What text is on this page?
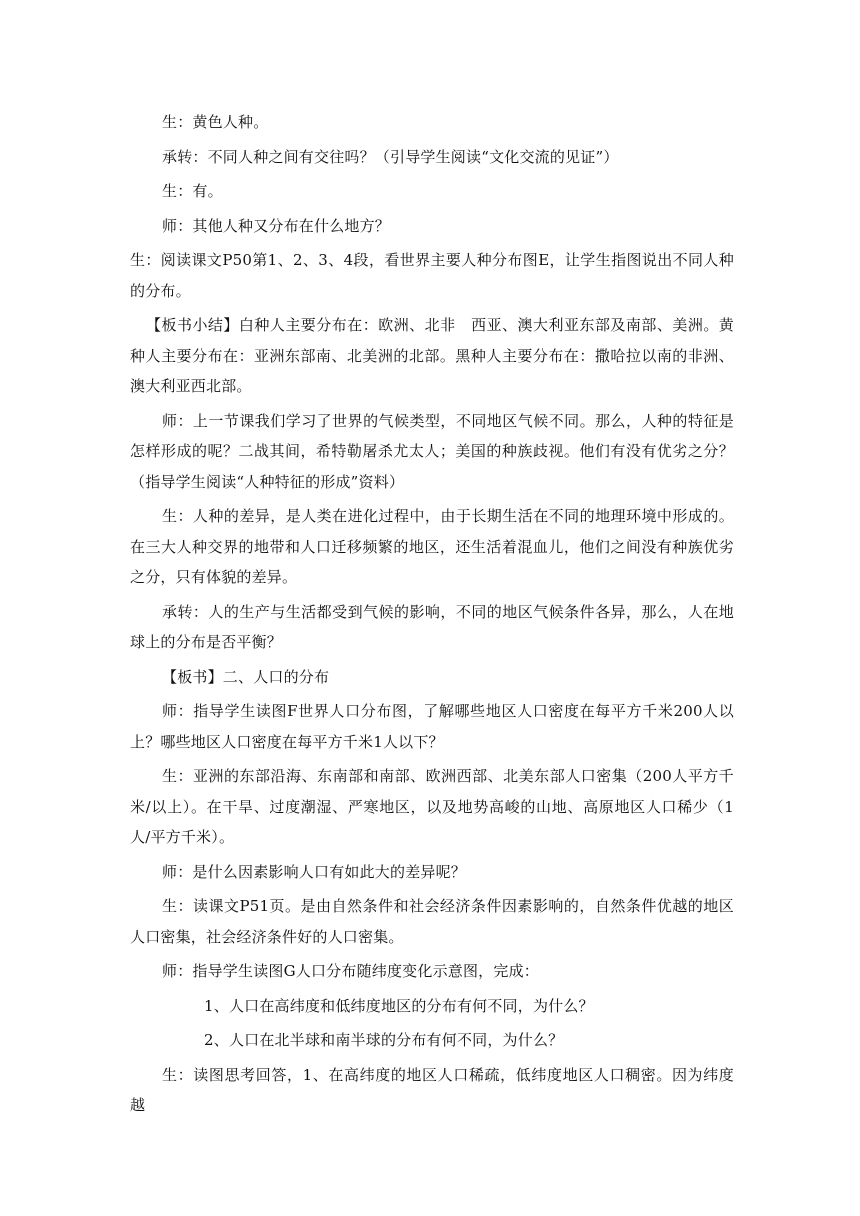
生：黄色人种。

承转：不同人种之间有交往吗？（引导学生阅读“文化交流的见证”）

生：有。

师：其他人种又分布在什么地方？

生：阅读课文P50第1、2、3、4段，看世界主要人种分布图E，让学生指图说出不同人种的分布。

【板书小结】白种人主要分布在：欧洲、北非　西亚、澳大利亚东部及南部、美洲。黄种人主要分布在：亚洲东部南、北美洲的北部。黑种人主要分布在：撒哈拉以南的非洲、澳大利亚西北部。

师：上一节课我们学习了世界的气候类型，不同地区气候不同。那么，人种的特征是怎样形成的呢？二战其间，希特勒屠杀尤太人；美国的种族歧视。他们有没有优劣之分？（指导学生阅读“人种特征的形成”资料）

生：人种的差异，是人类在进化过程中，由于长期生活在不同的地理环境中形成的。在三大人种交界的地带和人口迁移频繁的地区，还生活着混血儿，他们之间没有种族优劣之分，只有体貌的差异。

承转：人的生产与生活都受到气候的影响，不同的地区气候条件各异，那么，人在地球上的分布是否平衡？

【板书】二、人口的分布

师：指导学生读图F世界人口分布图，了解哪些地区人口密度在每平方千米200人以上？哪些地区人口密度在每平方千米1人以下？

生：亚洲的东部沿海、东南部和南部、欧洲西部、北美东部人口密集（200人平方千米/以上）。在干旱、过度潮湿、严寒地区，以及地势高峻的山地、高原地区人口稀少（1人/平方千米）。

师：是什么因素影响人口有如此大的差异呢？

生：读课文P51页。是由自然条件和社会经济条件因素影响的，自然条件优越的地区人口密集，社会经济条件好的人口密集。

师：指导学生读图G人口分布随纬度变化示意图，完成：

1、人口在高纬度和低纬度地区的分布有何不同，为什么？

2、人口在北半球和南半球的分布有何不同，为什么？

生：读图思考回答，1、在高纬度的地区人口稀疏，低纬度地区人口稠密。因为纬度越
